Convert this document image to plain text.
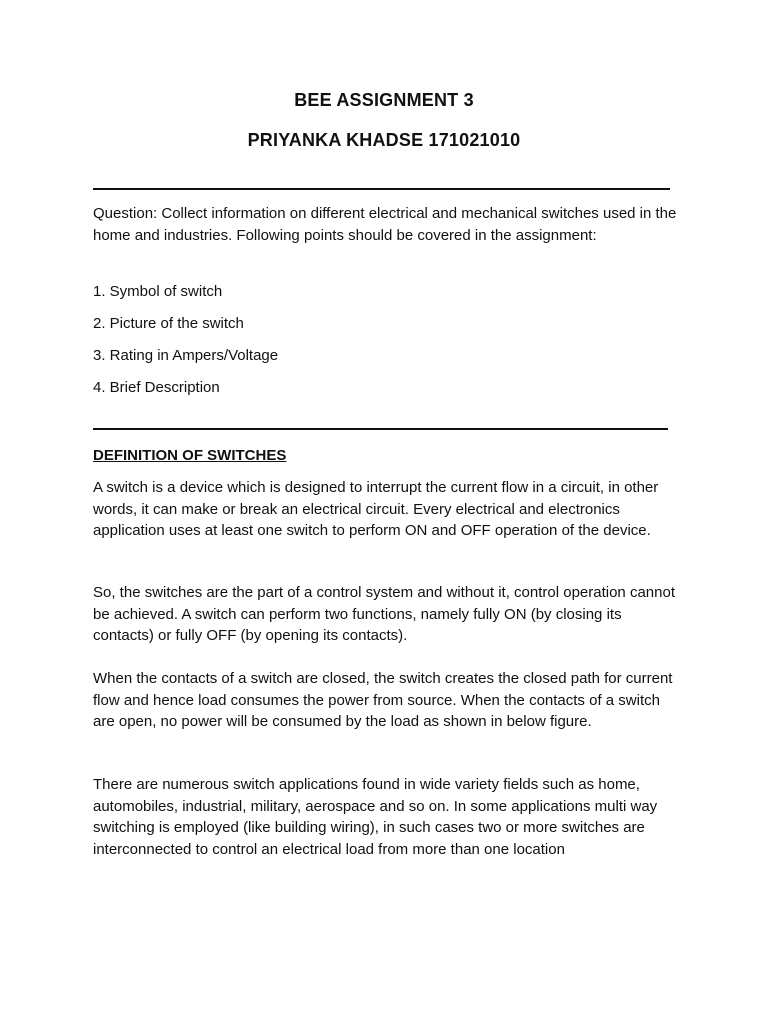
BEE ASSIGNMENT 3
PRIYANKA KHADSE 171021010
Question: Collect information on different electrical and mechanical switches used in the home and industries. Following points should be covered in the assignment:
1. Symbol of switch
2. Picture of the switch
3. Rating in Ampers/Voltage
4. Brief Description
DEFINITION OF SWITCHES
A switch is a device which is designed to interrupt the current flow in a circuit, in other words, it can make or break an electrical circuit. Every electrical and electronics application uses at least one switch to perform ON and OFF operation of the device.
So, the switches are the part of a control system and without it, control operation cannot be achieved. A switch can perform two functions, namely fully ON (by closing its contacts) or fully OFF (by opening its contacts).
When the contacts of a switch are closed, the switch creates the closed path for current flow and hence load consumes the power from source. When the contacts of a switch are open, no power will be consumed by the load as shown in below figure.
There are numerous switch applications found in wide variety fields such as home, automobiles, industrial, military, aerospace and so on. In some applications multi way switching is employed (like building wiring), in such cases two or more switches are interconnected to control an electrical load from more than one location
